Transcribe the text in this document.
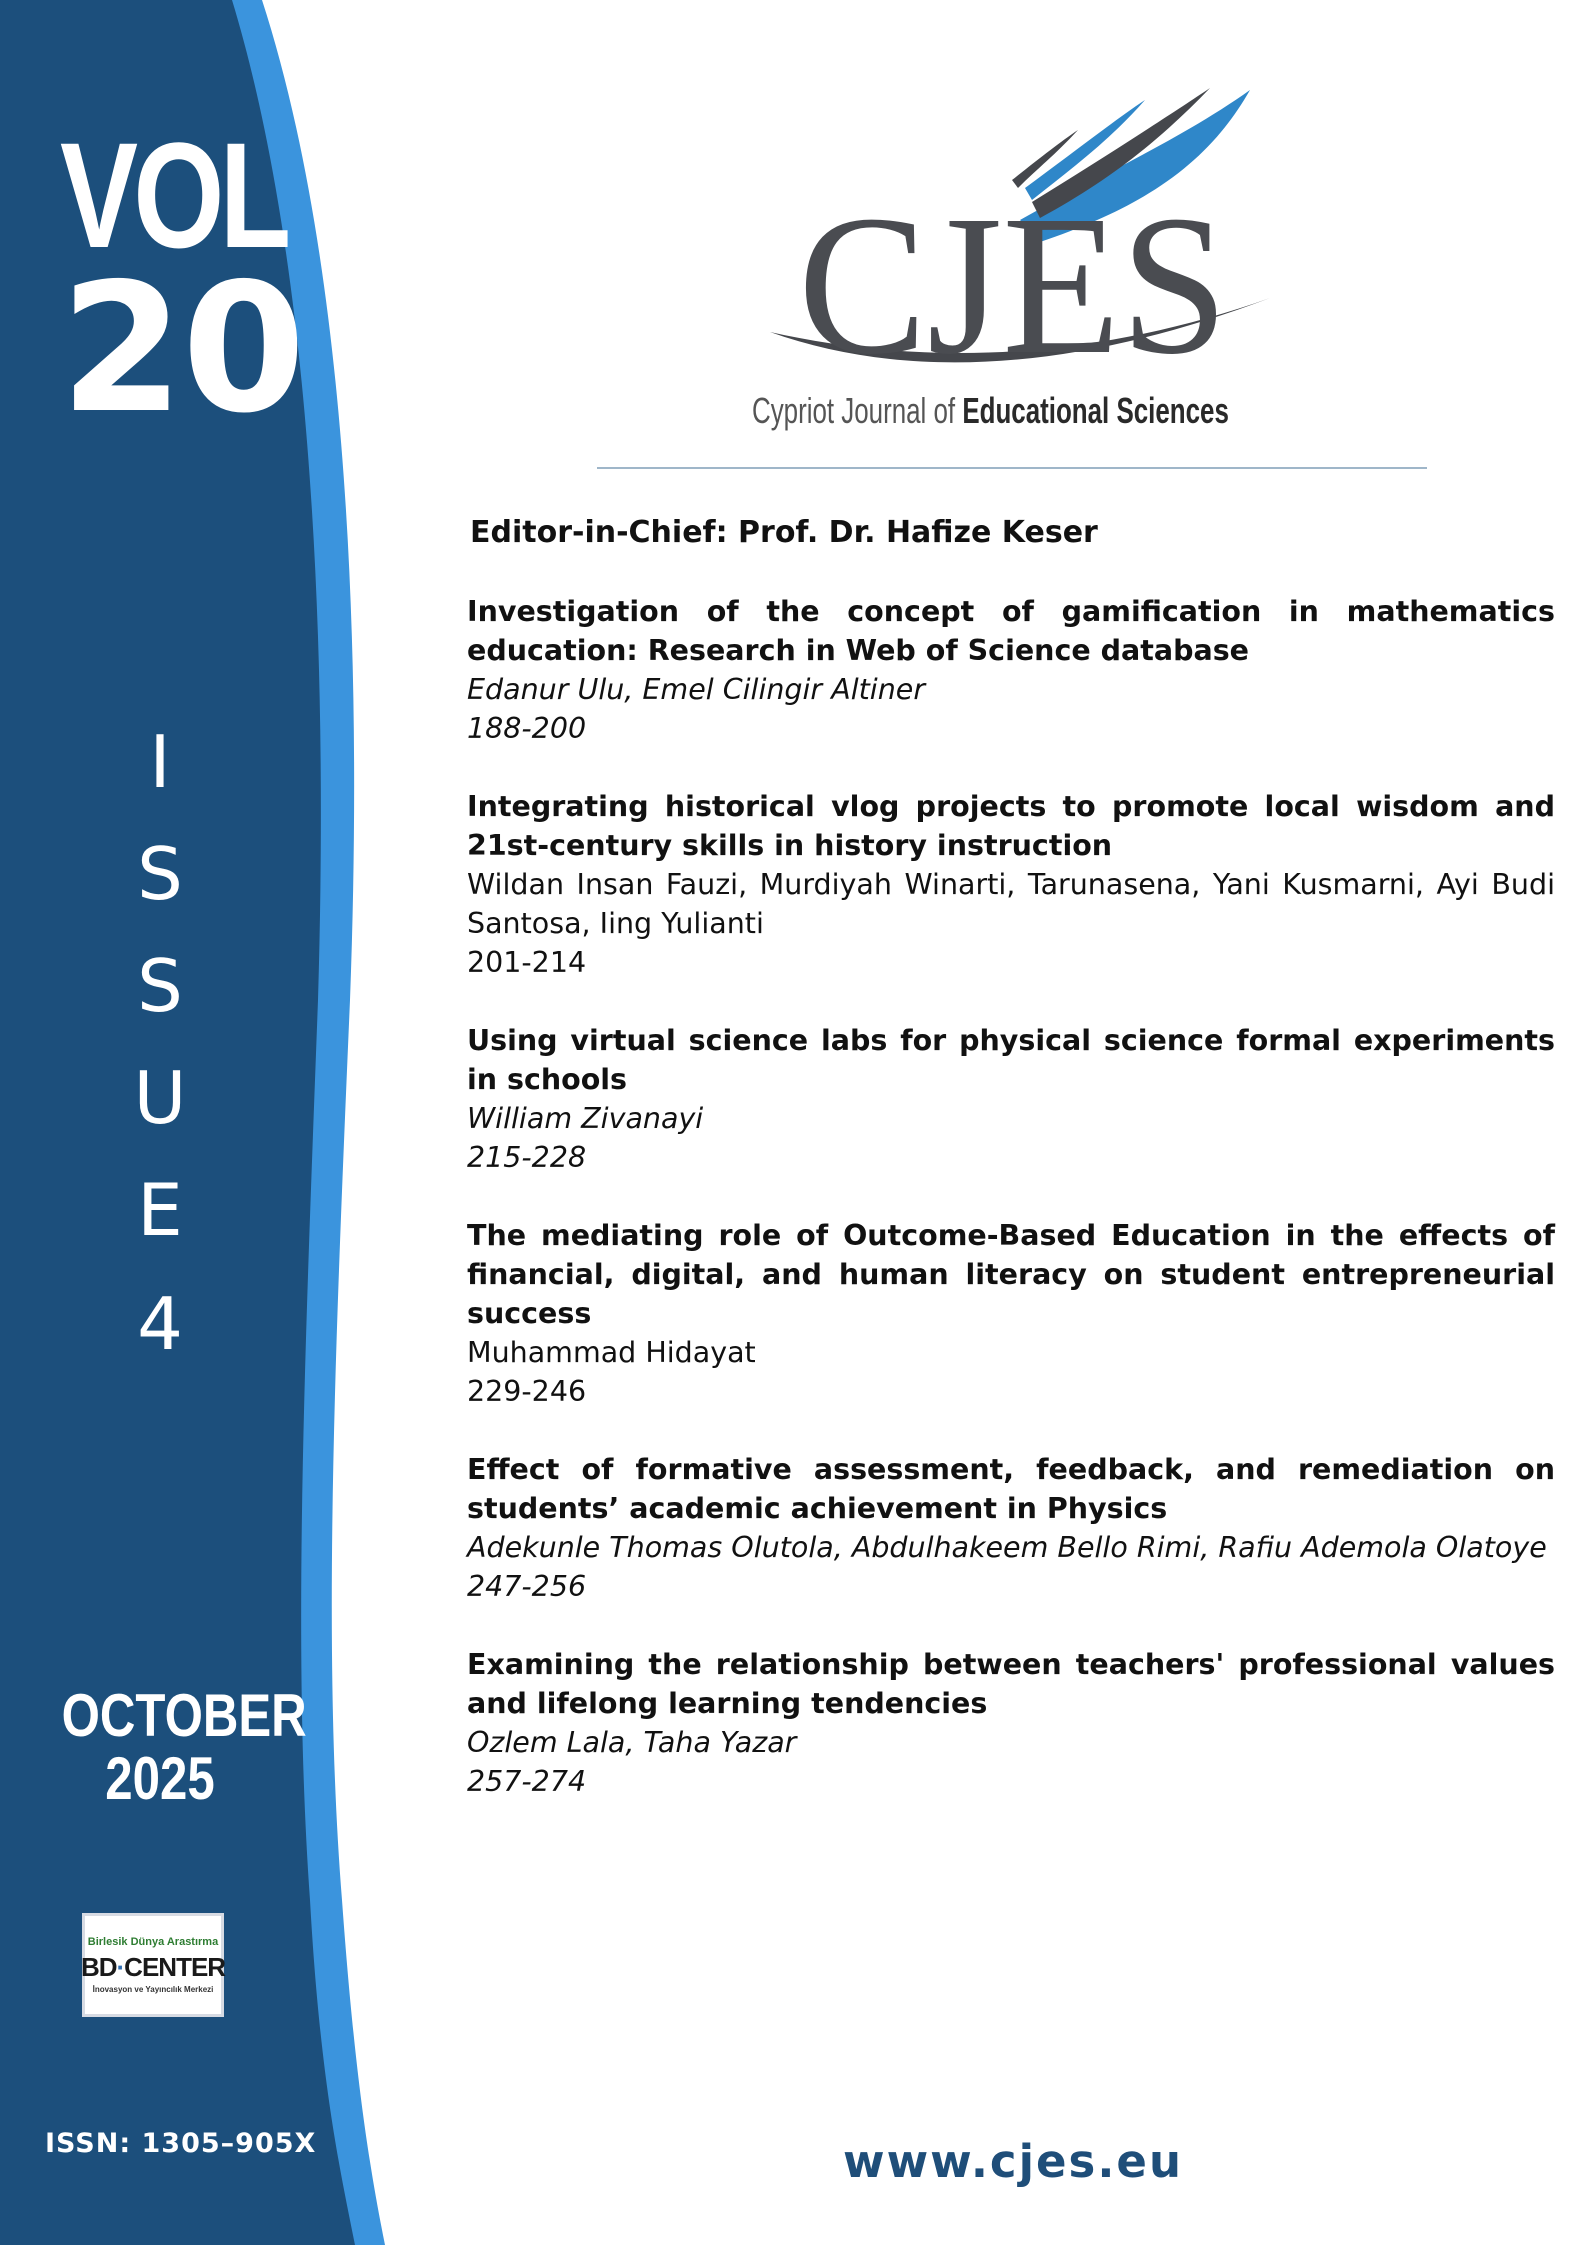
VOL
20
I
S
S
U
E
4
OCTOBER
2025
Birlesik Dünya Arastırma
BD·CENTER
İnovasyon ve Yayıncılık Merkezi
ISSN: 1305–905X
CJES
Cypriot Journal of Educational Sciences
Editor-in-Chief: Prof. Dr. Hafize Keser
Investigation of the concept of gamification in mathematics education: Research in Web of Science database
Edanur Ulu, Emel Cilingir Altiner
188-200
Integrating historical vlog projects to promote local wisdom and 21st-century skills in history instruction
Wildan Insan Fauzi, Murdiyah Winarti, Tarunasena, Yani Kusmarni, Ayi Budi Santosa, Iing Yulianti
201-214
Using virtual science labs for physical science formal experiments in schools
William Zivanayi
215-228
The mediating role of Outcome-Based Education in the effects of financial, digital, and human literacy on student entrepreneurial success
Muhammad Hidayat
229-246
Effect of formative assessment, feedback, and remediation on students’ academic achievement in Physics
Adekunle Thomas Olutola, Abdulhakeem Bello Rimi, Rafiu Ademola Olatoye
247-256
Examining the relationship between teachers' professional values and lifelong learning tendencies
Ozlem Lala, Taha Yazar
257-274
www.cjes.eu
